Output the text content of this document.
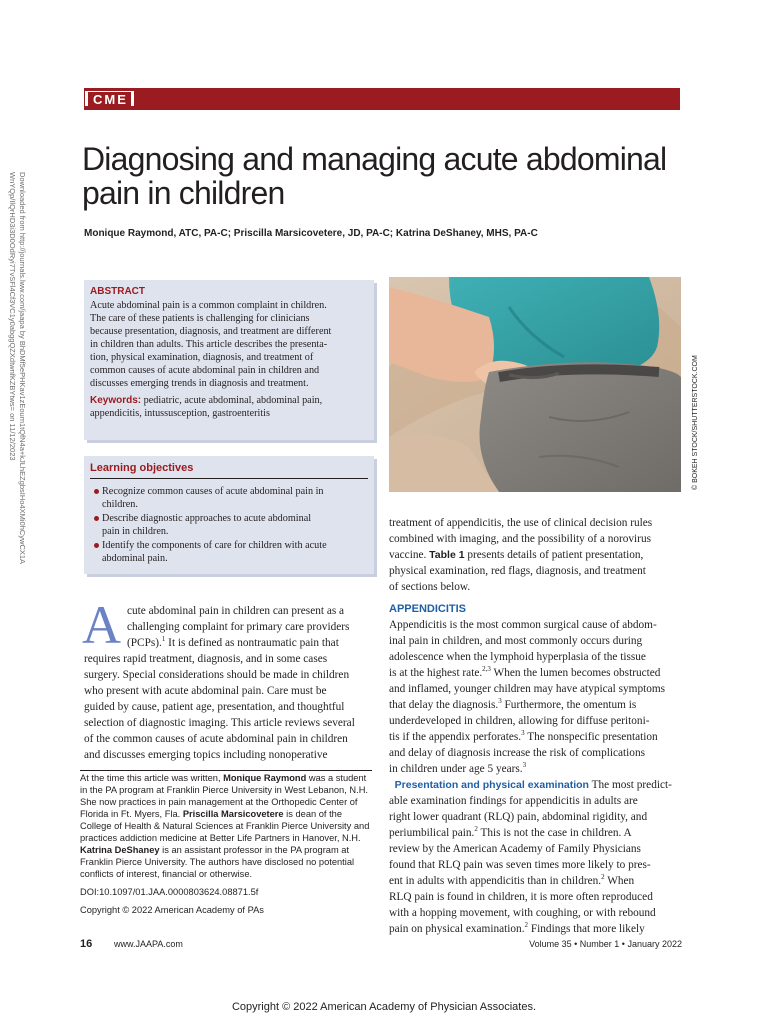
CME
Downloaded from http://journals.lww.com/jaapa by BhDMf5ePHKav1zEoum1tQfN4a+kJLhEZgbsIHo4XMi0hCywCX1A
WnYQp/IlQrHD3i3D0OdRyi7TvSFl4Cf3VC1y0abggQZXdtwnfKZBYtws= on 11/12/2023
Diagnosing and managing acute abdominal
pain in children
Monique Raymond, ATC, PA-C; Priscilla Marsicovetere, JD, PA-C; Katrina DeShaney, MHS, PA-C
ABSTRACT

Acute abdominal pain is a common complaint in children.
The care of these patients is challenging for clinicians
because presentation, diagnosis, and treatment are different
in children than adults. This article describes the presenta-
tion, physical examination, diagnosis, and treatment of
common causes of acute abdominal pain in children and
discusses emerging trends in diagnosis and treatment.

Keywords: pediatric, acute abdominal, abdominal pain,
appendicitis, intussusception, gastroenteritis

Learning objectives
Recognize common causes of acute abdominal pain in
children.
Describe diagnostic approaches to acute abdominal
pain in children.
Identify the components of care for children with acute
abdominal pain.
A cute abdominal pain in children can present as a
challenging complaint for primary care providers
(PCPs).$^1$ It is defined as nontraumatic pain that
requires rapid treatment, diagnosis, and in some cases
surgery. Special considerations should be made in children
who present with acute abdominal pain. Care must be
guided by cause, patient age, presentation, and thoughtful
selection of diagnostic imaging. This article reviews several
of the common causes of acute abdominal pain in children
and discusses emerging topics including nonoperative

At the time this article was written, Monique Raymond was a student in the PA program at Franklin Pierce University in West Lebanon, N.H. She now practices in pain management at the Orthopedic Center of Florida in Ft. Myers, Fla. Priscilla Marsicovetere is dean of the College of Health & Natural Sciences at Franklin Pierce University and practices addiction medicine at Better Life Partners in Hanover, N.H. Katrina DeShaney is an assistant professor in the PA program at Franklin Pierce University. The authors have disclosed no potential conflicts of interest, financial or otherwise.

DOI:10.1097/01.JAA.0000803624.08871.5f

Copyright © 2022 American Academy of PAs

© BOKEH STOCK/SHUTTERSTOCK.COM

treatment of appendicitis, the use of clinical decision rules
combined with imaging, and the possibility of a norovirus
vaccine. Table 1 presents details of patient presentation,
physical examination, red flags, diagnosis, and treatment
of sections below.

APPENDICITIS

Appendicitis is the most common surgical cause of abdom-
inal pain in children, and most commonly occurs during
adolescence when the lymphoid hyperplasia of the tissue
is at the highest rate.$^{2,3}$ When the lumen becomes obstructed
and inflamed, younger children may have atypical symptoms
that delay the diagnosis.$^3$ Furthermore, the omentum is
underdeveloped in children, allowing for diffuse peritoni-
tis if the appendix perforates.$^3$ The nonspecific presentation
and delay of diagnosis increase the risk of complications
in children under age 5 years.$^3$

Presentation and physical examination The most predict-
able examination findings for appendicitis in adults are
right lower quadrant (RLQ) pain, abdominal rigidity, and
periumbilical pain.$^2$ This is not the case in children. A
review by the American Academy of Family Physicians
found that RLQ pain was seven times more likely to pres-
ent in adults with appendicitis than in children.$^2$ When
RLQ pain is found in children, it is more often reproduced
with a hopping movement, with coughing, or with rebound
pain on physical examination.$^2$ Findings that more likely

16 www.JAAPA.com	Volume 35 • Number 1 • January 2022
Copyright © 2022 American Academy of Physician Associates.
